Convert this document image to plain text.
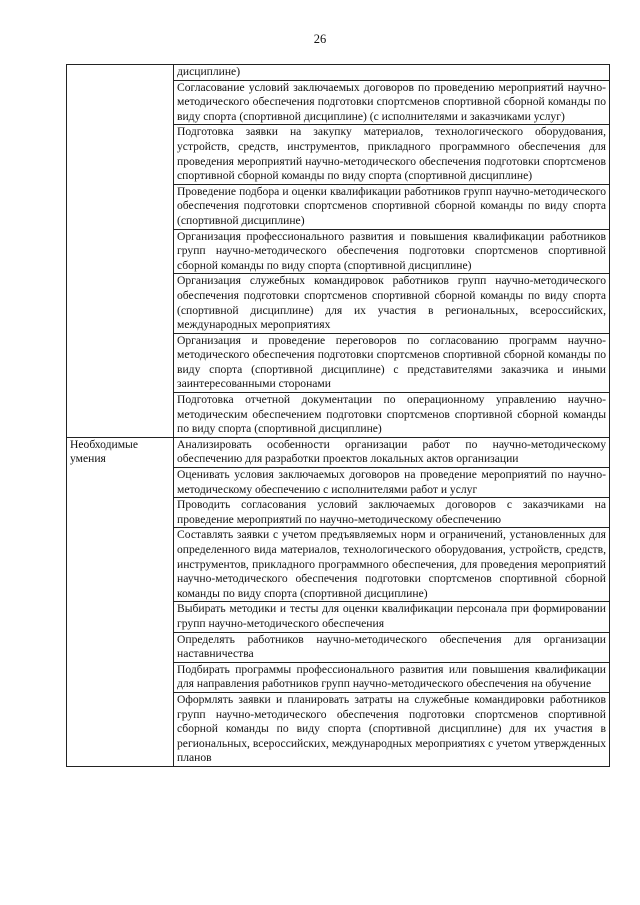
26
	дисциплине)
	Согласование условий заключаемых договоров по проведению мероприятий научно-методического обеспечения подготовки спортсменов спортивной сборной команды по виду спорта (спортивной дисциплине) (с исполнителями и заказчиками услуг)
	Подготовка заявки на закупку материалов, технологического оборудования, устройств, средств, инструментов, прикладного программного обеспечения для проведения мероприятий научно-методического обеспечения подготовки спортсменов спортивной сборной команды по виду спорта (спортивной дисциплине)
	Проведение подбора и оценки квалификации работников групп научно-методического обеспечения подготовки спортсменов спортивной сборной команды по виду спорта (спортивной дисциплине)
	Организация профессионального развития и повышения квалификации работников групп научно-методического обеспечения подготовки спортсменов спортивной сборной команды по виду спорта (спортивной дисциплине)
	Организация служебных командировок работников групп научно-методического обеспечения подготовки спортсменов спортивной сборной команды по виду спорта (спортивной дисциплине) для их участия в региональных, всероссийских, международных мероприятиях
	Организация и проведение переговоров по согласованию программ научно-методического обеспечения подготовки спортсменов спортивной сборной команды по виду спорта (спортивной дисциплине) с представителями заказчика и иными заинтересованными сторонами
	Подготовка отчетной документации по операционному управлению научно-методическим обеспечением подготовки спортсменов спортивной сборной команды по виду спорта (спортивной дисциплине)
Необходимые умения	Анализировать особенности организации работ по научно-методическому обеспечению для разработки проектов локальных актов организации
	Оценивать условия заключаемых договоров на проведение мероприятий по научно-методическому обеспечению с исполнителями работ и услуг
	Проводить согласования условий заключаемых договоров с заказчиками на проведение мероприятий по научно-методическому обеспечению
	Составлять заявки с учетом предъявляемых норм и ограничений, установленных для определенного вида материалов, технологического оборудования, устройств, средств, инструментов, прикладного программного обеспечения, для проведения мероприятий научно-методического обеспечения подготовки спортсменов спортивной сборной команды по виду спорта (спортивной дисциплине)
	Выбирать методики и тесты для оценки квалификации персонала при формировании групп научно-методического обеспечения
	Определять работников научно-методического обеспечения для организации наставничества
	Подбирать программы профессионального развития или повышения квалификации для направления работников групп научно-методического обеспечения на обучение
	Оформлять заявки и планировать затраты на служебные командировки работников групп научно-методического обеспечения подготовки спортсменов спортивной сборной команды по виду спорта (спортивной дисциплине) для их участия в региональных, всероссийских, международных мероприятиях с учетом утвержденных планов
